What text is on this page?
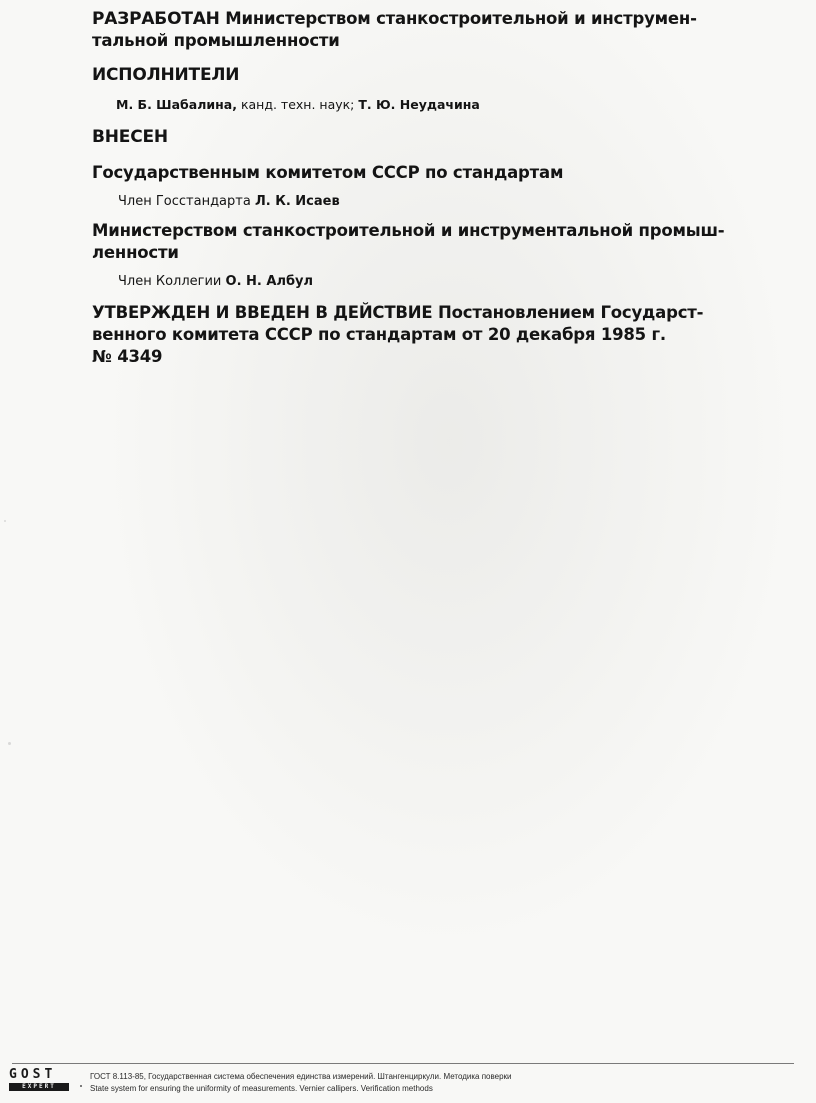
РАЗРАБОТАН Министерством станкостроительной и инструмен-
тальной промышленности
ИСПОЛНИТЕЛИ
М. Б. Шабалина, канд. техн. наук; Т. Ю. Неудачина
ВНЕСЕН
Государственным комитетом СССР по стандартам
Член Госстандарта Л. К. Исаев
Министерством станкостроительной и инструментальной промыш-
ленности
Член Коллегии О. Н. Албул
УТВЕРЖДЕН И ВВЕДЕН В ДЕЙСТВИЕ Постановлением Государст-
венного комитета СССР по стандартам от 20 декабря 1985 г.
№ 4349
GOST
EXPERT
ГОСТ 8.113-85, Государственная система обеспечения единства измерений. Штангенциркули. Методика поверки
State system for ensuring the uniformity of measurements. Vernier callipers. Verification methods
